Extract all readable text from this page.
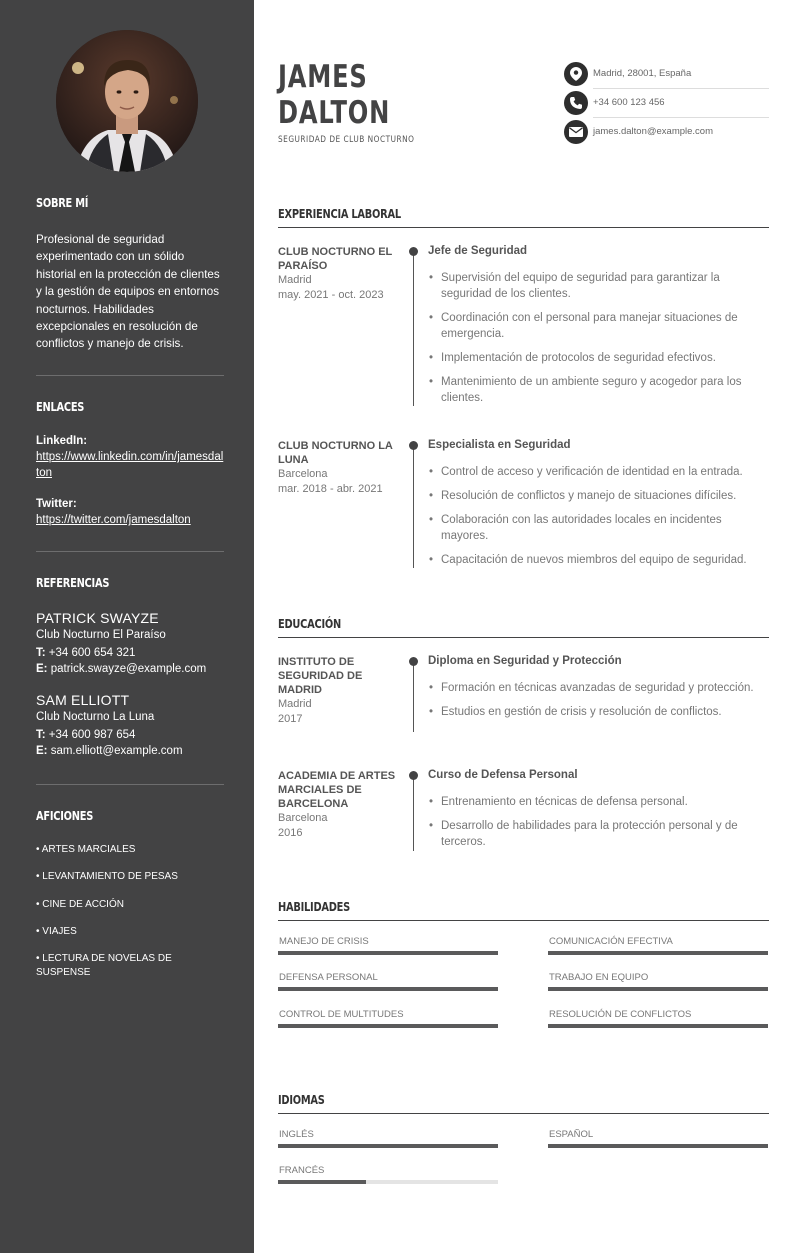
SOBRE MÍ
Profesional de seguridad experimentado con un sólido historial en la protección de clientes y la gestión de equipos en entornos nocturnos. Habilidades excepcionales en resolución de conflictos y manejo de crisis.
ENLACES
LinkedIn:
https://www.linkedin.com/in/jamesdalton
Twitter:
https://twitter.com/jamesdalton
REFERENCIAS
PATRICK SWAYZE
Club Nocturno El Paraíso
T: +34 600 654 321
E: patrick.swayze@example.com
SAM ELLIOTT
Club Nocturno La Luna
T: +34 600 987 654
E: sam.elliott@example.com
AFICIONES
• ARTES MARCIALES
• LEVANTAMIENTO DE PESAS
• CINE DE ACCIÓN
• VIAJES
• LECTURA DE NOVELAS DE SUSPENSE
JAMES
DALTON
SEGURIDAD DE CLUB NOCTURNO
Madrid, 28001, España
+34 600 123 456
james.dalton@example.com
EXPERIENCIA LABORAL
CLUB NOCTURNO EL PARAÍSO
Madrid
may. 2021 - oct. 2023
Jefe de Seguridad
• Supervisión del equipo de seguridad para garantizar la seguridad de los clientes.
• Coordinación con el personal para manejar situaciones de emergencia.
• Implementación de protocolos de seguridad efectivos.
• Mantenimiento de un ambiente seguro y acogedor para los clientes.
CLUB NOCTURNO LA LUNA
Barcelona
mar. 2018 - abr. 2021
Especialista en Seguridad
• Control de acceso y verificación de identidad en la entrada.
• Resolución de conflictos y manejo de situaciones difíciles.
• Colaboración con las autoridades locales en incidentes mayores.
• Capacitación de nuevos miembros del equipo de seguridad.
EDUCACIÓN
INSTITUTO DE SEGURIDAD DE MADRID
Madrid
2017
Diploma en Seguridad y Protección
• Formación en técnicas avanzadas de seguridad y protección.
• Estudios en gestión de crisis y resolución de conflictos.
ACADEMIA DE ARTES MARCIALES DE BARCELONA
Barcelona
2016
Curso de Defensa Personal
• Entrenamiento en técnicas de defensa personal.
• Desarrollo de habilidades para la protección personal y de terceros.
HABILIDADES
MANEJO DE CRISIS	COMUNICACIÓN EFECTIVA
DEFENSA PERSONAL	TRABAJO EN EQUIPO
CONTROL DE MULTITUDES	RESOLUCIÓN DE CONFLICTOS
IDIOMAS
INGLÉS	ESPAÑOL
FRANCÉS
